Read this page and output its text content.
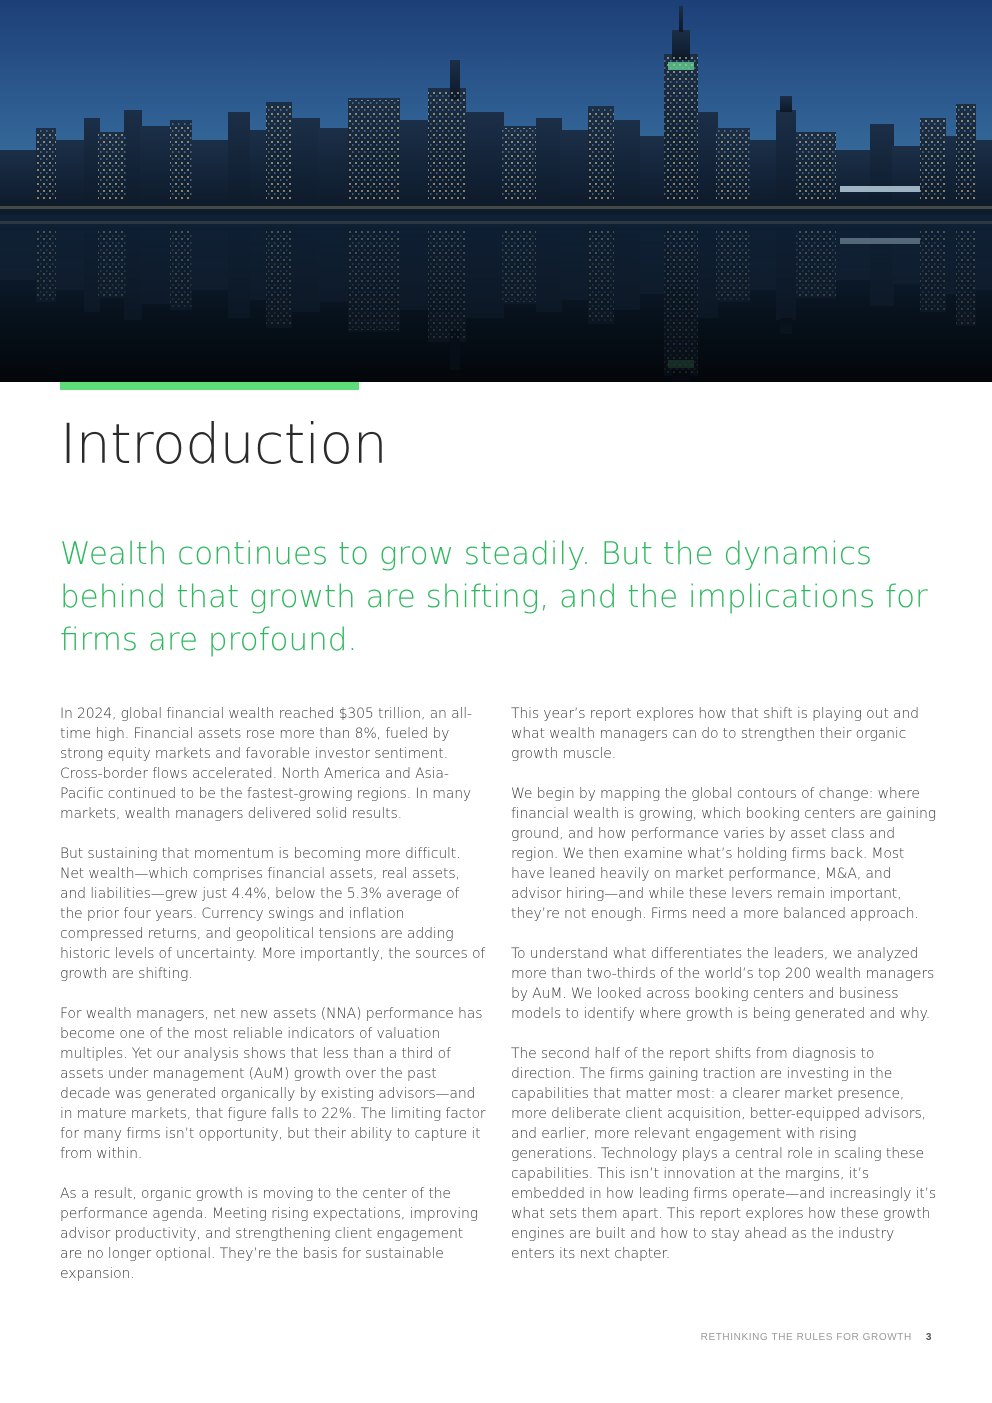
Introduction

Wealth continues to grow steadily. But the dynamics behind that growth are shifting, and the implications for firms are profound.

In 2024, global financial wealth reached $305 trillion, an all-time high. Financial assets rose more than 8%, fueled by strong equity markets and favorable investor sentiment. Cross-border flows accelerated. North America and Asia-Pacific continued to be the fastest-growing regions. In many markets, wealth managers delivered solid results.

But sustaining that momentum is becoming more difficult. Net wealth—which comprises financial assets, real assets, and liabilities—grew just 4.4%, below the 5.3% average of the prior four years. Currency swings and inflation compressed returns, and geopolitical tensions are adding historic levels of uncertainty. More importantly, the sources of growth are shifting.

For wealth managers, net new assets (NNA) performance has become one of the most reliable indicators of valuation multiples. Yet our analysis shows that less than a third of assets under management (AuM) growth over the past decade was generated organically by existing advisors—and in mature markets, that figure falls to 22%. The limiting factor for many firms isn’t opportunity, but their ability to capture it from within.

As a result, organic growth is moving to the center of the performance agenda. Meeting rising expectations, improving advisor productivity, and strengthening client engagement are no longer optional. They’re the basis for sustainable expansion.

This year’s report explores how that shift is playing out and what wealth managers can do to strengthen their organic growth muscle.

We begin by mapping the global contours of change: where financial wealth is growing, which booking centers are gaining ground, and how performance varies by asset class and region. We then examine what’s holding firms back. Most have leaned heavily on market performance, M&A, and advisor hiring—and while these levers remain important, they’re not enough. Firms need a more balanced approach.

To understand what differentiates the leaders, we analyzed more than two-thirds of the world’s top 200 wealth managers by AuM. We looked across booking centers and business models to identify where growth is being generated and why.

The second half of the report shifts from diagnosis to direction. The firms gaining traction are investing in the capabilities that matter most: a clearer market presence, more deliberate client acquisition, better-equipped advisors, and earlier, more relevant engagement with rising generations. Technology plays a central role in scaling these capabilities. This isn’t innovation at the margins, it’s embedded in how leading firms operate—and increasingly it’s what sets them apart. This report explores how these growth engines are built and how to stay ahead as the industry enters its next chapter.

RETHINKING THE RULES FOR GROWTH 3
